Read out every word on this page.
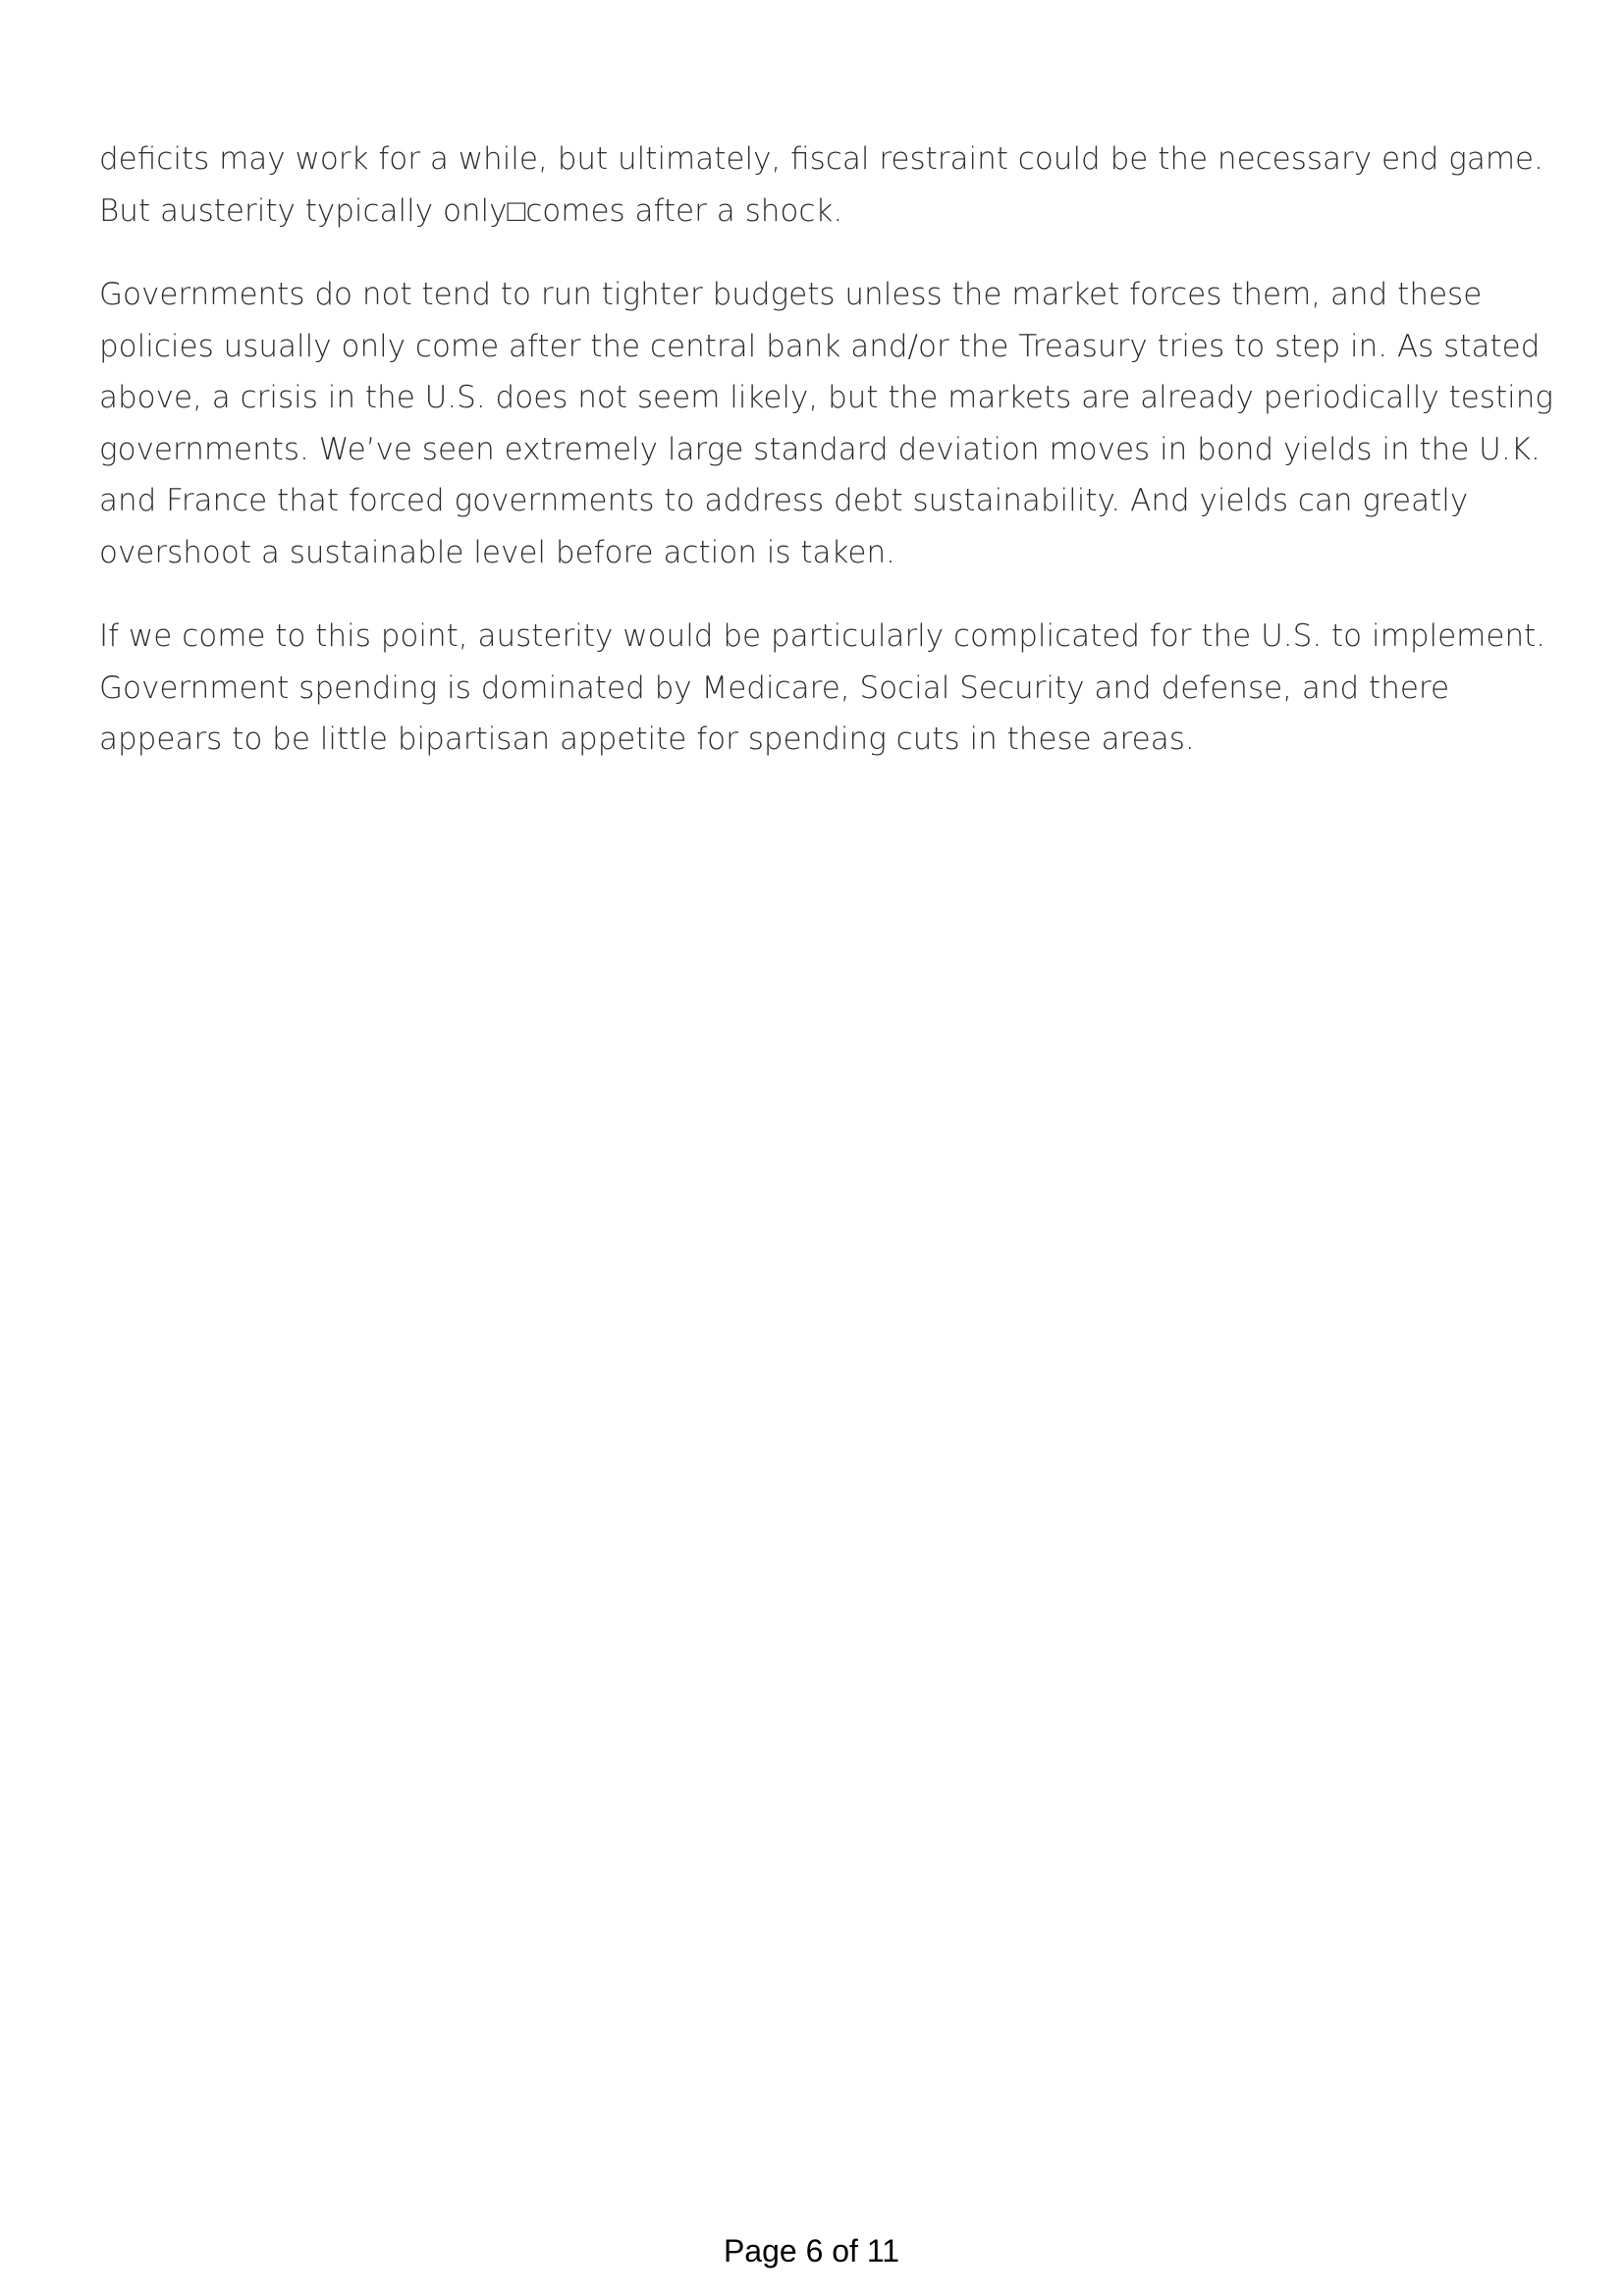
deficits may work for a while, but ultimately, fiscal restraint could be the necessary end game.
But austerity typically only□comes after a shock.

Governments do not tend to run tighter budgets unless the market forces them, and these
policies usually only come after the central bank and/or the Treasury tries to step in. As stated
above, a crisis in the U.S. does not seem likely, but the markets are already periodically testing
governments. We’ve seen extremely large standard deviation moves in bond yields in the U.K.
and France that forced governments to address debt sustainability. And yields can greatly
overshoot a sustainable level before action is taken.

If we come to this point, austerity would be particularly complicated for the U.S. to implement.
Government spending is dominated by Medicare, Social Security and defense, and there
appears to be little bipartisan appetite for spending cuts in these areas.

Page 6 of 11
